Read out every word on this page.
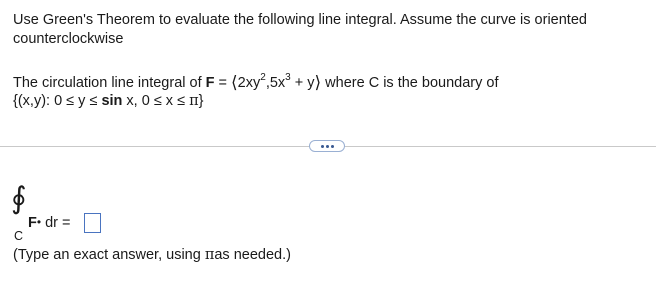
Use Green's Theorem to evaluate the following line integral. Assume the curve is oriented
counterclockwise
The circulation line integral of $F = ⟨2xy^2,5x^3$ + y⟩ where C is the boundary of
{(x,y): 0 ≤ y ≤ sin x, 0 ≤ x ≤ π}
∮
F• dr =
C
(Type an exact answer, using πas needed.)
